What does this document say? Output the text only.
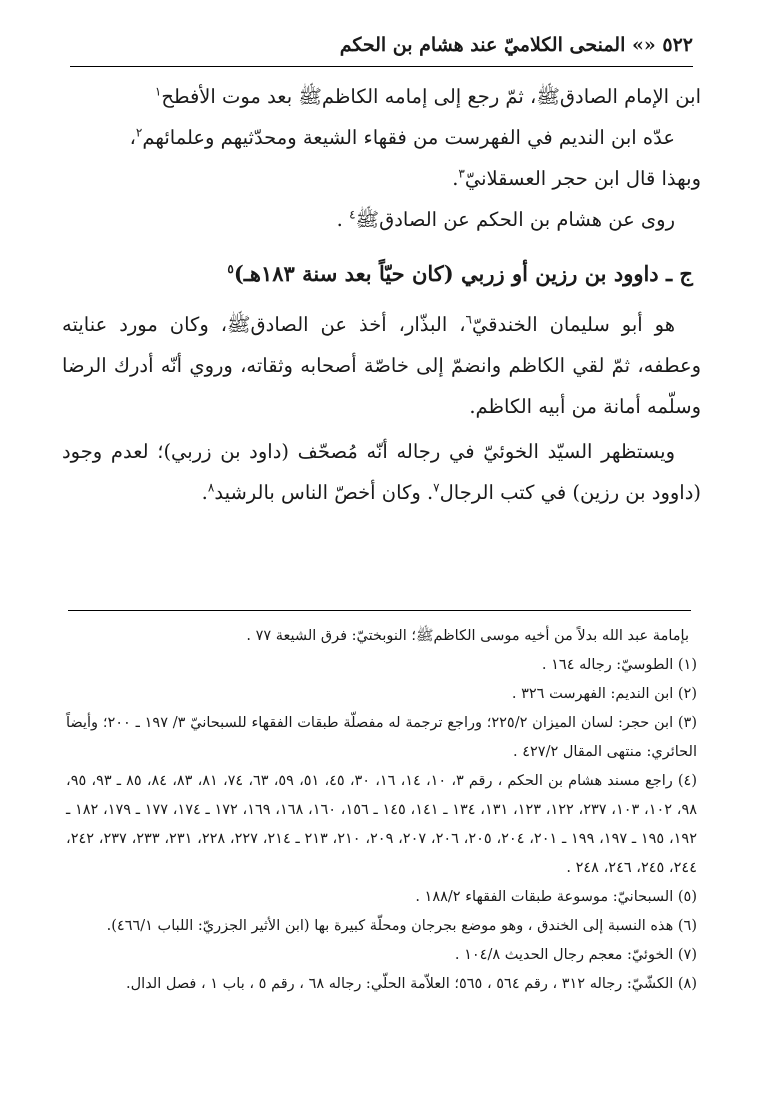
٥٢٢

«» المنحى الكلاميّ عند هشام بن الحكم

ابن الإمام الصادقﷺ، ثمّ رجع إلى إمامه الكاظمﷺ بعد موت الأفطح$^١$

عدّه ابن النديم في الفهرست من فقهاء الشيعة ومحدّثيهم وعلمائهم$^٢$،

وبهذا قال ابن حجر العسقلانيّ$^٣$.

روى عن هشام بن الحكم عن الصادقﷺ$^٤$ .

ج ـ داوود بن رزين أو زربي (كان حيّاً بعد سنة ١٨٣هـ)$^٥$

هو أبو سليمان الخندقيّ$^٦$، البذّار، أخذ عن الصادقﷺ، وكان مورد عنايته وعطفه، ثمّ لقي الكاظم وانضمّ إلى خاصّة أصحابه وثقاته، وروي أنّه أدرك الرضا وسلّمه أمانة من أبيه الكاظم.

ويستظهر السيّد الخوئيّ في رجاله أنّه مُصحّف (داود بن زربي)؛ لعدم وجود (داوود بن رزين) في كتب الرجال$^٧$. وكان أخصّ الناس بالرشيد$^٨$.

بإمامة عبد الله بدلاً من أخيه موسى الكاظمﷺ؛ النوبختيّ: فرق الشيعة ٧٧ .

(١) الطوسيّ: رجاله ١٦٤ .

(٢) ابن النديم: الفهرست ٣٢٦ .

(٣) ابن حجر: لسان الميزان ٢٢٥/٢؛ وراجع ترجمة له مفصلّة طبقات الفقهاء للسبحانيّ ٣/ ١٩٧ ـ ٢٠٠؛ وأيضاً الحائري: منتهى المقال ٤٢٧/٢ .

(٤) راجع مسند هشام بن الحكم ، رقم ٣، ١٠، ١٤، ١٦، ٣٠، ٤٥، ٥١، ٥٩، ٦٣، ٧٤، ٨١، ٨٣، ٨٤، ٨٥ ـ ٩٣، ٩٥، ٩٨، ١٠٢، ١٠٣، ٢٣٧، ١٢٢، ١٢٣، ١٣١، ١٣٤ ـ ١٤١، ١٤٥ ـ ١٥٦، ١٦٠، ١٦٨، ١٦٩، ١٧٢ ـ ١٧٤، ١٧٧ ـ ١٧٩، ١٨٢ ـ ١٩٢، ١٩٥ ـ ١٩٧، ١٩٩ ـ ٢٠١، ٢٠٤، ٢٠٥، ٢٠٦، ٢٠٧، ٢٠٩، ٢١٠، ٢١٣ ـ ٢١٤، ٢٢٧، ٢٢٨، ٢٣١، ٢٣٣، ٢٣٧، ٢٤٢، ٢٤٤، ٢٤٥، ٢٤٦، ٢٤٨ .

(٥) السبحانيّ: موسوعة طبقات الفقهاء ١٨٨/٢ .

(٦) هذه النسبة إلى الخندق ، وهو موضع بجرجان ومحلّة كبيرة بها (ابن الأثير الجزريّ: اللباب ٤٦٦/١).

(٧) الخوئيّ: معجم رجال الحديث ١٠٤/٨ .

(٨) الكشّيّ: رجاله ٣١٢ ، رقم ٥٦٤ ، ٥٦٥؛ العلاّمة الحلّي: رجاله ٦٨ ، رقم ٥ ، باب ١ ، فصل الدال.
